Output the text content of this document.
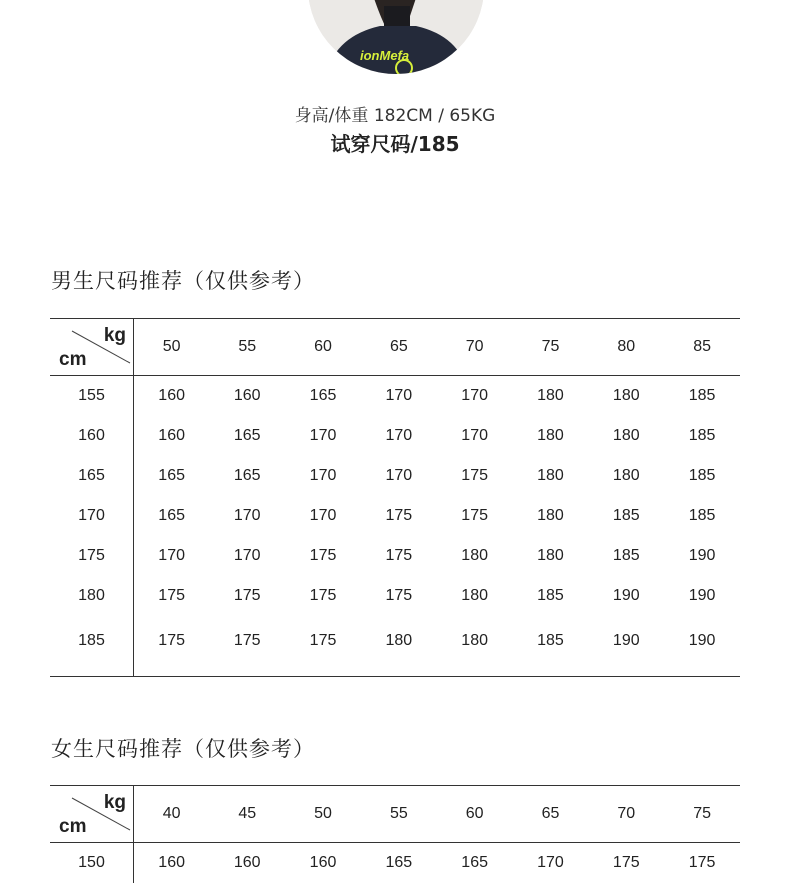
ionMefa
身高/体重 182CM / 65KG
试穿尺码/185
男生尺码推荐（仅供参考）
kg
cm	50	55	60	65	70	75	80	85
155	160	160	165	170	170	180	180	185
160	160	165	170	170	170	180	180	185
165	165	165	170	170	175	180	180	185
170	165	170	170	175	175	180	185	185
175	170	170	175	175	180	180	185	190
180	175	175	175	175	180	185	190	190
185	175	175	175	180	180	185	190	190
女生尺码推荐（仅供参考）
kg
cm	40	45	50	55	60	65	70	75
150	160	160	160	165	165	170	175	175
